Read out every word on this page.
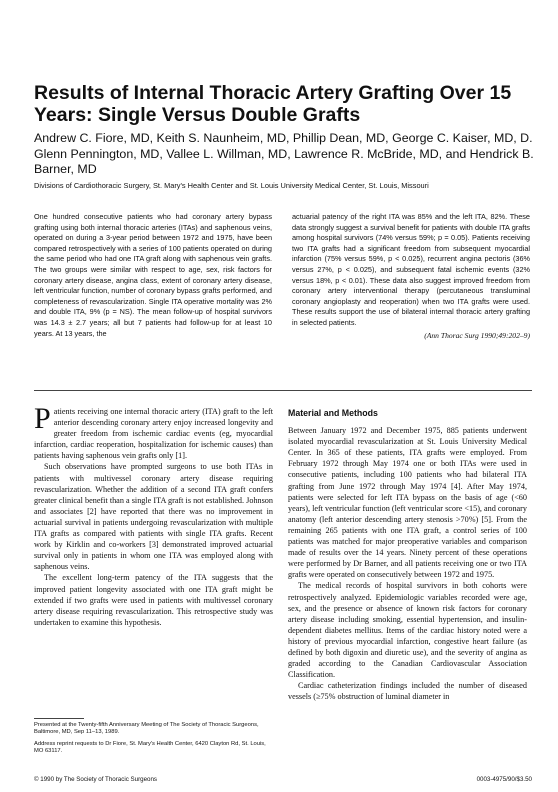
Results of Internal Thoracic Artery Grafting Over 15 Years: Single Versus Double Grafts

Andrew C. Fiore, MD, Keith S. Naunheim, MD, Phillip Dean, MD, George C. Kaiser, MD, D. Glenn Pennington, MD, Vallee L. Willman, MD, Lawrence R. McBride, MD, and Hendrick B. Barner, MD

Divisions of Cardiothoracic Surgery, St. Mary's Health Center and St. Louis University Medical Center, St. Louis, Missouri

One hundred consecutive patients who had coronary artery bypass grafting using both internal thoracic arteries (ITAs) and saphenous veins, operated on during a 3-year period between 1972 and 1975, have been compared retrospectively with a series of 100 patients operated on during the same period who had one ITA graft along with saphenous vein grafts. The two groups were similar with respect to age, sex, risk factors for coronary artery disease, angina class, extent of coronary artery disease, left ventricular function, number of coronary bypass grafts performed, and completeness of revascularization. Single ITA operative mortality was 2% and double ITA, 9% (p = NS). The mean follow-up of hospital survivors was 14.3 ± 2.7 years; all but 7 patients had follow-up for at least 10 years. At 13 years, the

actuarial patency of the right ITA was 85% and the left ITA, 82%. These data strongly suggest a survival benefit for patients with double ITA grafts among hospital survivors (74% versus 59%; p = 0.05). Patients receiving two ITA grafts had a significant freedom from subsequent myocardial infarction (75% versus 59%, p < 0.025), recurrent angina pectoris (36% versus 27%, p < 0.025), and subsequent fatal ischemic events (32% versus 18%, p < 0.01). These data also suggest improved freedom from coronary artery interventional therapy (percutaneous transluminal coronary angioplasty and reoperation) when two ITA grafts were used. These results support the use of bilateral internal thoracic artery grafting in selected patients.
(Ann Thorac Surg 1990;49:202–9)

Patients receiving one internal thoracic artery (ITA) graft to the left anterior descending coronary artery enjoy increased longevity and greater freedom from ischemic cardiac events (eg, myocardial infarction, cardiac reoperation, hospitalization for ischemic causes) than patients having saphenous vein grafts only [1].

Such observations have prompted surgeons to use both ITAs in patients with multivessel coronary artery disease requiring revascularization. Whether the addition of a second ITA graft confers greater clinical benefit than a single ITA graft is not established. Johnson and associates [2] have reported that there was no improvement in actuarial survival in patients undergoing revascularization with multiple ITA grafts as compared with patients with single ITA grafts. Recent work by Kirklin and co-workers [3] demonstrated improved actuarial survival only in patients in whom one ITA was employed along with saphenous veins.

The excellent long-term patency of the ITA suggests that the improved patient longevity associated with one ITA graft might be extended if two grafts were used in patients with multivessel coronary artery disease requiring revascularization. This retrospective study was undertaken to examine this hypothesis.

Material and Methods

Between January 1972 and December 1975, 885 patients underwent isolated myocardial revascularization at St. Louis University Medical Center. In 365 of these patients, ITA grafts were employed. From February 1972 through May 1974 one or both ITAs were used in consecutive patients, including 100 patients who had bilateral ITA grafting from June 1972 through May 1974 [4]. After May 1974, patients were selected for left ITA bypass on the basis of age (<60 years), left ventricular function (left ventricular score <15), and coronary anatomy (left anterior descending artery stenosis >70%) [5]. From the remaining 265 patients with one ITA graft, a control series of 100 patients was matched for major preoperative variables and comparison made of results over the 14 years. Ninety percent of these operations were performed by Dr Barner, and all patients receiving one or two ITA grafts were operated on consecutively between 1972 and 1975.

The medical records of hospital survivors in both cohorts were retrospectively analyzed. Epidemiologic variables recorded were age, sex, and the presence or absence of known risk factors for coronary artery disease including smoking, essential hypertension, and insulin-dependent diabetes mellitus. Items of the cardiac history noted were a history of previous myocardial infarction, congestive heart failure (as defined by both digoxin and diuretic use), and the severity of angina as graded according to the Canadian Cardiovascular Association Classification.

Cardiac catheterization findings included the number of diseased vessels (≥75% obstruction of luminal diameter in

Presented at the Twenty-fifth Anniversary Meeting of The Society of Thoracic Surgeons, Baltimore, MD, Sep 11–13, 1989.

Address reprint requests to Dr Fiore, St. Mary's Health Center, 6420 Clayton Rd, St. Louis, MO 63117.

© 1990 by The Society of Thoracic Surgeons	0003-4975/90/$3.50
